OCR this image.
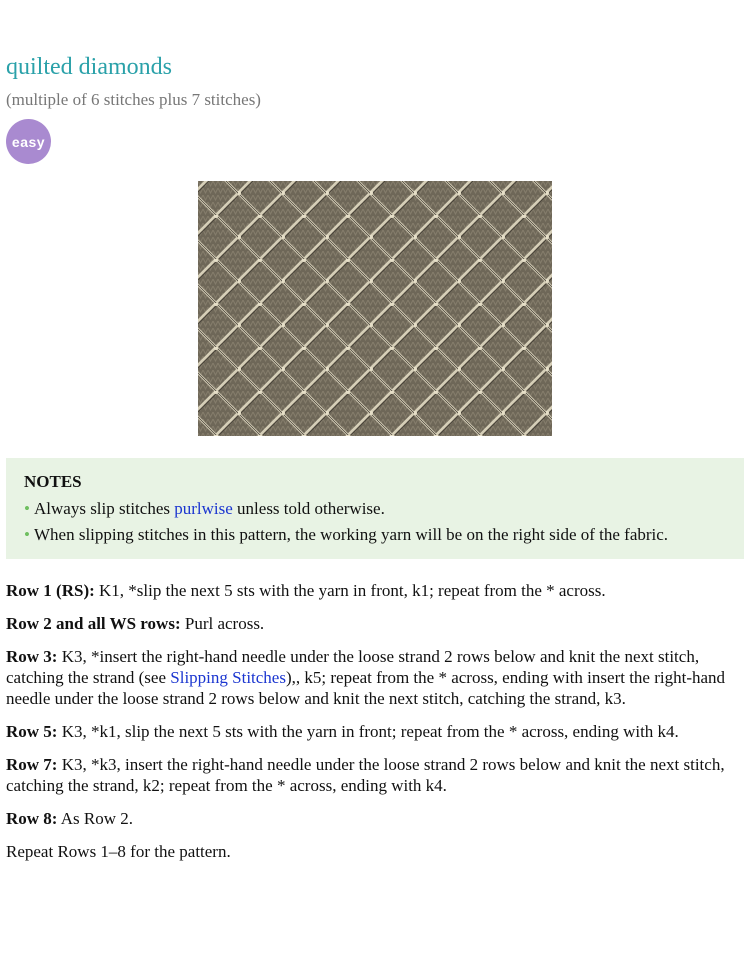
quilted diamonds

(multiple of 6 stitches plus 7 stitches)

easy

NOTES

• Always slip stitches purlwise unless told otherwise.
• When slipping stitches in this pattern, the working yarn will be on the right side of the fabric.

Row 1 (RS): K1, *slip the next 5 sts with the yarn in front, k1; repeat from the * across.

Row 2 and all WS rows: Purl across.

Row 3: K3, *insert the right-hand needle under the loose strand 2 rows below and knit the next stitch, catching the strand (see Slipping Stitches),, k5; repeat from the * across, ending with insert the right-hand needle under the loose strand 2 rows below and knit the next stitch, catching the strand, k3.

Row 5: K3, *k1, slip the next 5 sts with the yarn in front; repeat from the * across, ending with k4.

Row 7: K3, *k3, insert the right-hand needle under the loose strand 2 rows below and knit the next stitch, catching the strand, k2; repeat from the * across, ending with k4.

Row 8: As Row 2.

Repeat Rows 1–8 for the pattern.
